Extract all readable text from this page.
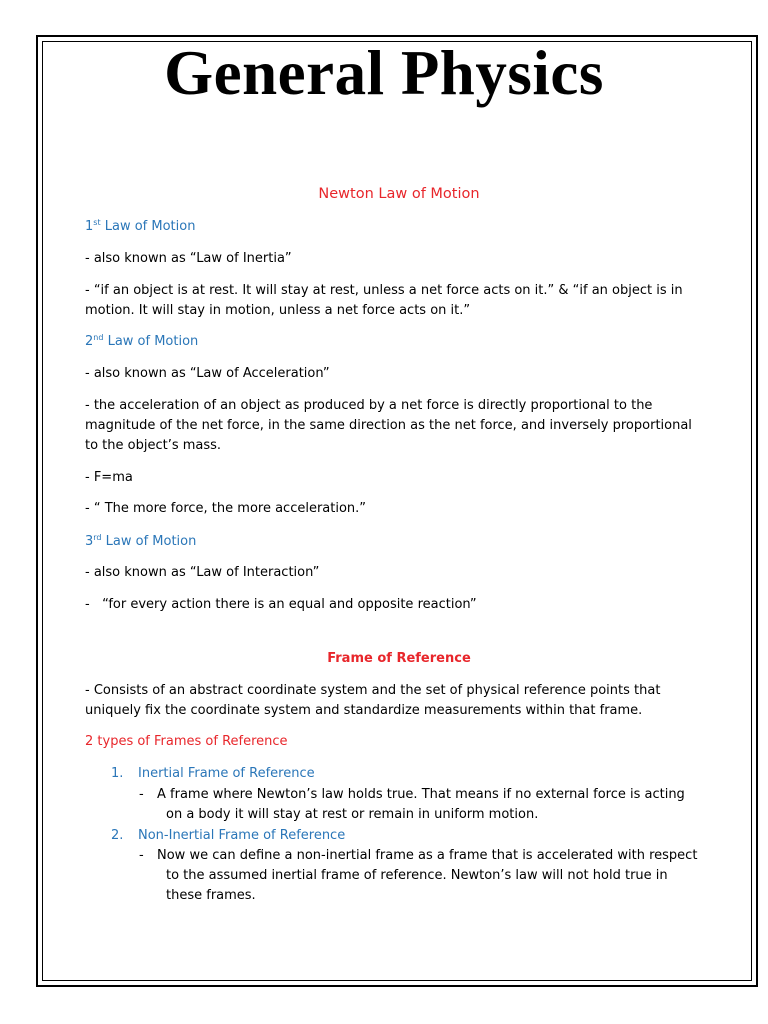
General Physics
Newton Law of Motion
1st Law of Motion
- also known as “Law of Inertia”
- “if an object is at rest. It will stay at rest, unless a net force acts on it.” & “if an object is in
motion. It will stay in motion, unless a net force acts on it.”
2nd Law of Motion
- also known as “Law of Acceleration”
- the acceleration of an object as produced by a net force is directly proportional to the
magnitude of the net force, in the same direction as the net force, and inversely proportional
to the object’s mass.
- F=ma
- “ The more force, the more acceleration.”
3rd Law of Motion
- also known as “Law of Interaction”
-   “for every action there is an equal and opposite reaction”
Frame of Reference
- Consists of an abstract coordinate system and the set of physical reference points that
uniquely fix the coordinate system and standardize measurements within that frame.
2 types of Frames of Reference
1. Inertial Frame of Reference
- A frame where Newton’s law holds true. That means if no external force is acting
on a body it will stay at rest or remain in uniform motion.
2. Non-Inertial Frame of Reference
- Now we can define a non-inertial frame as a frame that is accelerated with respect
to the assumed inertial frame of reference. Newton’s law will not hold true in
these frames.
